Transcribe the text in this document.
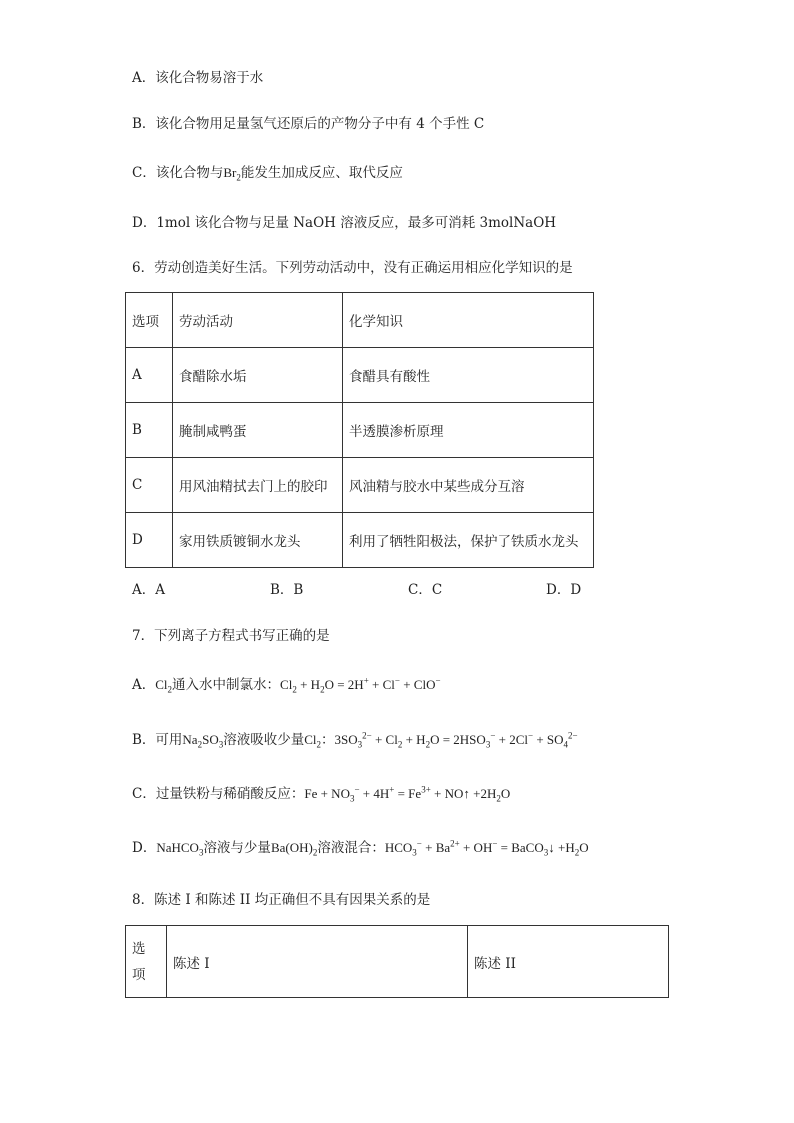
A．该化合物易溶于水
B．该化合物用足量氢气还原后的产物分子中有 4 个手性 C
C．该化合物与$Br_2$能发生加成反应、取代反应
D．1mol 该化合物与足量 NaOH 溶液反应，最多可消耗 3molNaOH
6．劳动创造美好生活。下列劳动活动中，没有正确运用相应化学知识的是
选项	劳动活动	化学知识
A	食醋除水垢	食醋具有酸性
B	腌制咸鸭蛋	半透膜渗析原理
C	用风油精拭去门上的胶印	风油精与胶水中某些成分互溶
D	家用铁质镀铜水龙头	利用了牺牲阳极法，保护了铁质水龙头
A．A	B．B	C．C	D．D
7．下列离子方程式书写正确的是
A．$Cl_2$通入水中制氯水：$Cl_2 + H_2O = 2H^+ + Cl^- + ClO^-$
B．可用$Na_2SO_3$溶液吸收少量$Cl_2$：$3SO_3^{2-} + Cl_2 + H_2O = 2HSO_3^- + 2Cl^- + SO_4^{2-}$
C．过量铁粉与稀硝酸反应：$Fe + NO_3^- + 4H^+ = Fe^{3+}$ + NO↑ $+2H_2O$
D．NaHCO$_3$溶液与少量$Ba(OH)_2$溶液混合：$HCO_3^- + Ba^{2+} + OH^-$ = BaCO$_3$↓ $+H_2O$
8．陈述 I 和陈述 II 均正确但不具有因果关系的是
选
项	陈述 I	陈述 II
